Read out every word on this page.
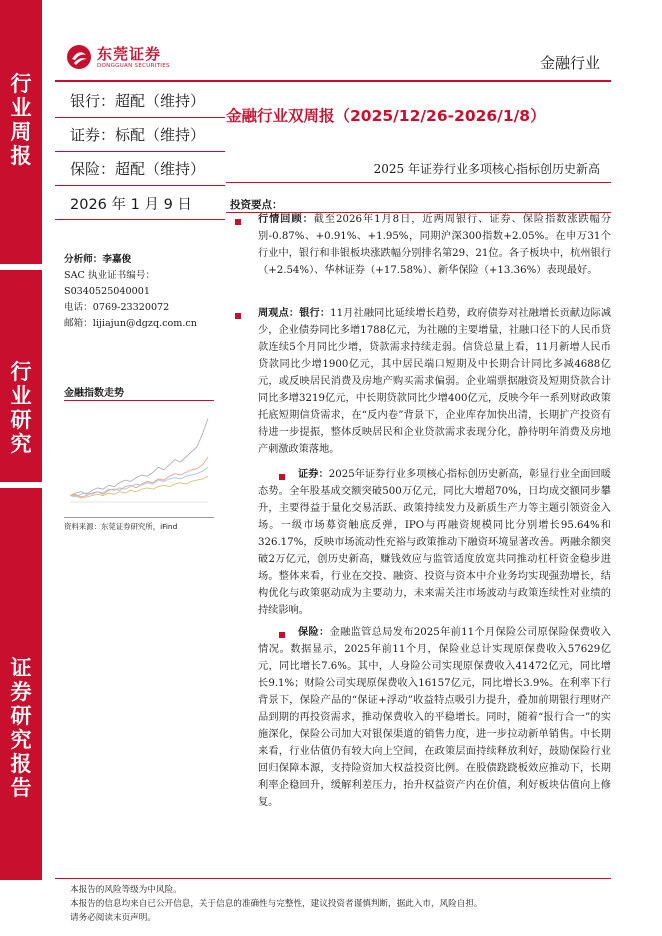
行业周报
行业研究
证券研究报告
东莞证券
DONGGUAN SECURITIES	金融行业
银行：超配（维持）
证券：标配（维持）
保险：超配（维持）
2026 年 1 月 9 日
金融行业双周报（2025/12/26-2026/1/8）
2025 年证券行业多项核心指标创历史新高
分析师：李嘉俊
SAC 执业证书编号：
S0340525040001
电话：0769-23320072
邮箱：lijiajun@dgzq.com.cn
金融指数走势
资料来源：东莞证券研究所，iFind
投资要点：
行情回顾：截至2026年1月8日，近两周银行、证券、保险指数涨跌幅分别-0.87%、+0.91%、+1.95%，同期沪深300指数+2.05%。在申万31个行业中，银行和非银板块涨跌幅分别排名第29、21位。各子板块中，杭州银行（+2.54%）、华林证券（+17.58%）、新华保险（+13.36%）表现最好。
周观点：银行：11月社融同比延续增长趋势，政府债券对社融增长贡献边际减少，企业债券同比多增1788亿元，为社融的主要增量，社融口径下的人民币贷款连续5个月同比少增，贷款需求持续走弱。信贷总量上看，11月新增人民币贷款同比少增1900亿元，其中居民端口短期及中长期合计同比多减4688亿元，或反映居民消费及房地产购买需求偏弱。企业端票据融资及短期贷款合计同比多增3219亿元，中长期贷款同比少增400亿元，反映今年一系列财政政策托底短期信贷需求，在“反内卷”背景下，企业库存加快出清，长期扩产投资有待进一步提振，整体反映居民和企业贷款需求表现分化，静待明年消费及房地产刺激政策落地。
证券：2025年证券行业多项核心指标创历史新高，彰显行业全面回暖态势。全年股基成交额突破500万亿元，同比大增超70%，日均成交额同步攀升，主要得益于量化交易活跃、政策持续发力及新质生产力等主题引领资金入场。一级市场募资触底反弹，IPO与再融资规模同比分别增长95.64%和326.17%，反映市场流动性充裕与政策推动下融资环境显著改善。两融余额突破2万亿元，创历史新高，赚钱效应与监管适度放宽共同推动杠杆资金稳步进场。整体来看，行业在交投、融资、投资与资本中介业务均实现强劲增长，结构优化与政策驱动成为主要动力，未来需关注市场波动与政策连续性对业绩的持续影响。
保险：金融监管总局发布2025年前11个月保险公司原保险保费收入情况。数据显示，2025年前11个月，保险业总计实现原保费收入57629亿元，同比增长7.6%。其中，人身险公司实现原保费收入41472亿元，同比增长9.1%；财险公司实现原保费收入16157亿元，同比增长3.9%。在利率下行背景下，保险产品的“保证+浮动”收益特点吸引力提升，叠加前期银行理财产品到期的再投资需求，推动保费收入的平稳增长。同时，随着“报行合一”的实施深化，保险公司加大对银保渠道的销售力度，进一步拉动新单销售。中长期来看，行业估值仍有较大向上空间，在政策层面持续释放利好，鼓励保险行业回归保障本源，支持险资加大权益投资比例。在股债跷跷板效应推动下，长期利率企稳回升，缓解利差压力，抬升权益资产内在价值，利好板块估值向上修复。
本报告的风险等级为中风险。
本报告的信息均来自已公开信息，关于信息的准确性与完整性，建议投资者谨慎判断，据此入市，风险自担。
请务必阅读末页声明。
